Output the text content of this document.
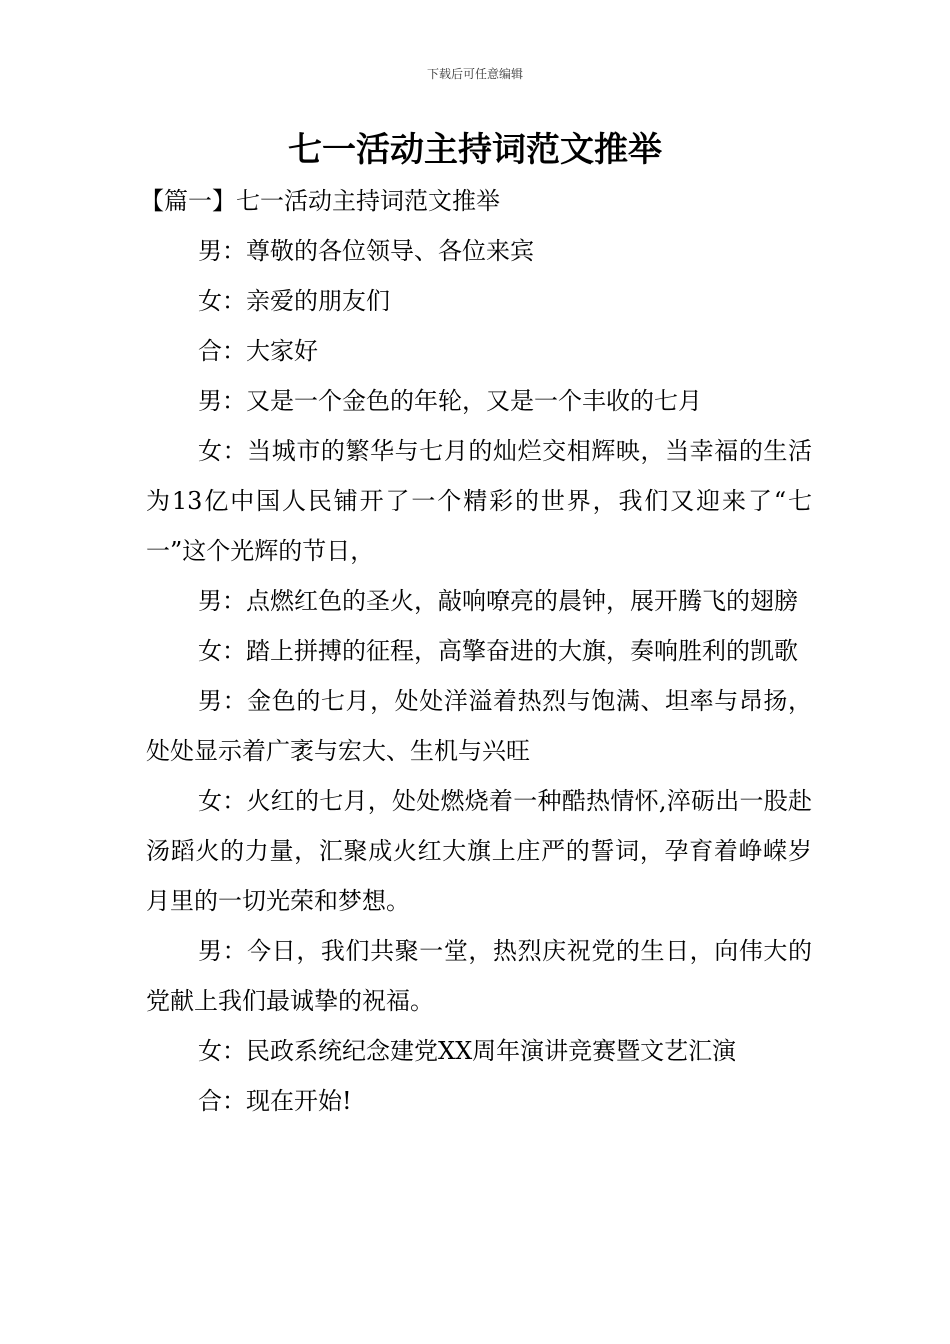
下载后可任意编辑
七一活动主持词范文推举

【篇一】七一活动主持词范文推举

男：尊敬的各位领导、各位来宾

女：亲爱的朋友们

合：大家好

男：又是一个金色的年轮，又是一个丰收的七月

女：当城市的繁华与七月的灿烂交相辉映，当幸福的生活为13亿中国人民铺开了一个精彩的世界，我们又迎来了“七一”这个光辉的节日，

男：点燃红色的圣火，敲响嘹亮的晨钟，展开腾飞的翅膀

女：踏上拼搏的征程，高擎奋进的大旗，奏响胜利的凯歌

男：金色的七月，处处洋溢着热烈与饱满、坦率与昂扬，处处显示着广袤与宏大、生机与兴旺

女：火红的七月，处处燃烧着一种酷热情怀,淬砺出一股赴汤蹈火的力量，汇聚成火红大旗上庄严的誓词，孕育着峥嵘岁月里的一切光荣和梦想。

男：今日，我们共聚一堂，热烈庆祝党的生日，向伟大的党献上我们最诚挚的祝福。

女：民政系统纪念建党XX周年演讲竞赛暨文艺汇演

合：现在开始!
